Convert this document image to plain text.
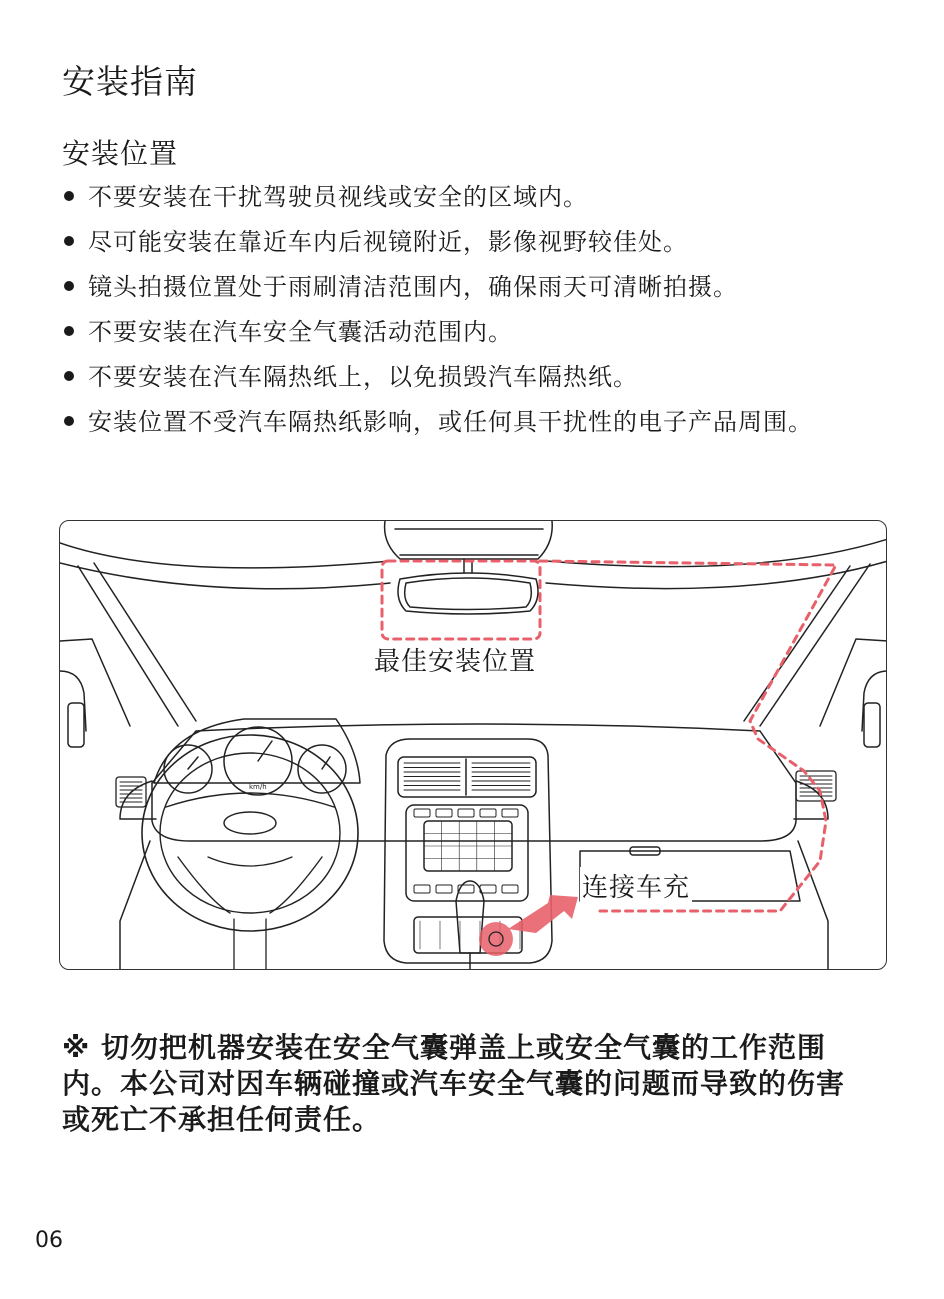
安装指南
安装位置
不要安装在干扰驾驶员视线或安全的区域内。
尽可能安装在靠近车内后视镜附近，影像视野较佳处。
镜头拍摄位置处于雨刷清洁范围内，确保雨天可清晰拍摄。
不要安装在汽车安全气囊活动范围内。
不要安装在汽车隔热纸上，以免损毁汽车隔热纸。
安装位置不受汽车隔热纸影响，或任何具干扰性的电子产品周围。
km/h
最佳安装位置
连接车充

※ 切勿把机器安装在安全气囊弹盖上或安全气囊的工作范围内。本公司对因车辆碰撞或汽车安全气囊的问题而导致的伤害或死亡不承担任何责任。

06
